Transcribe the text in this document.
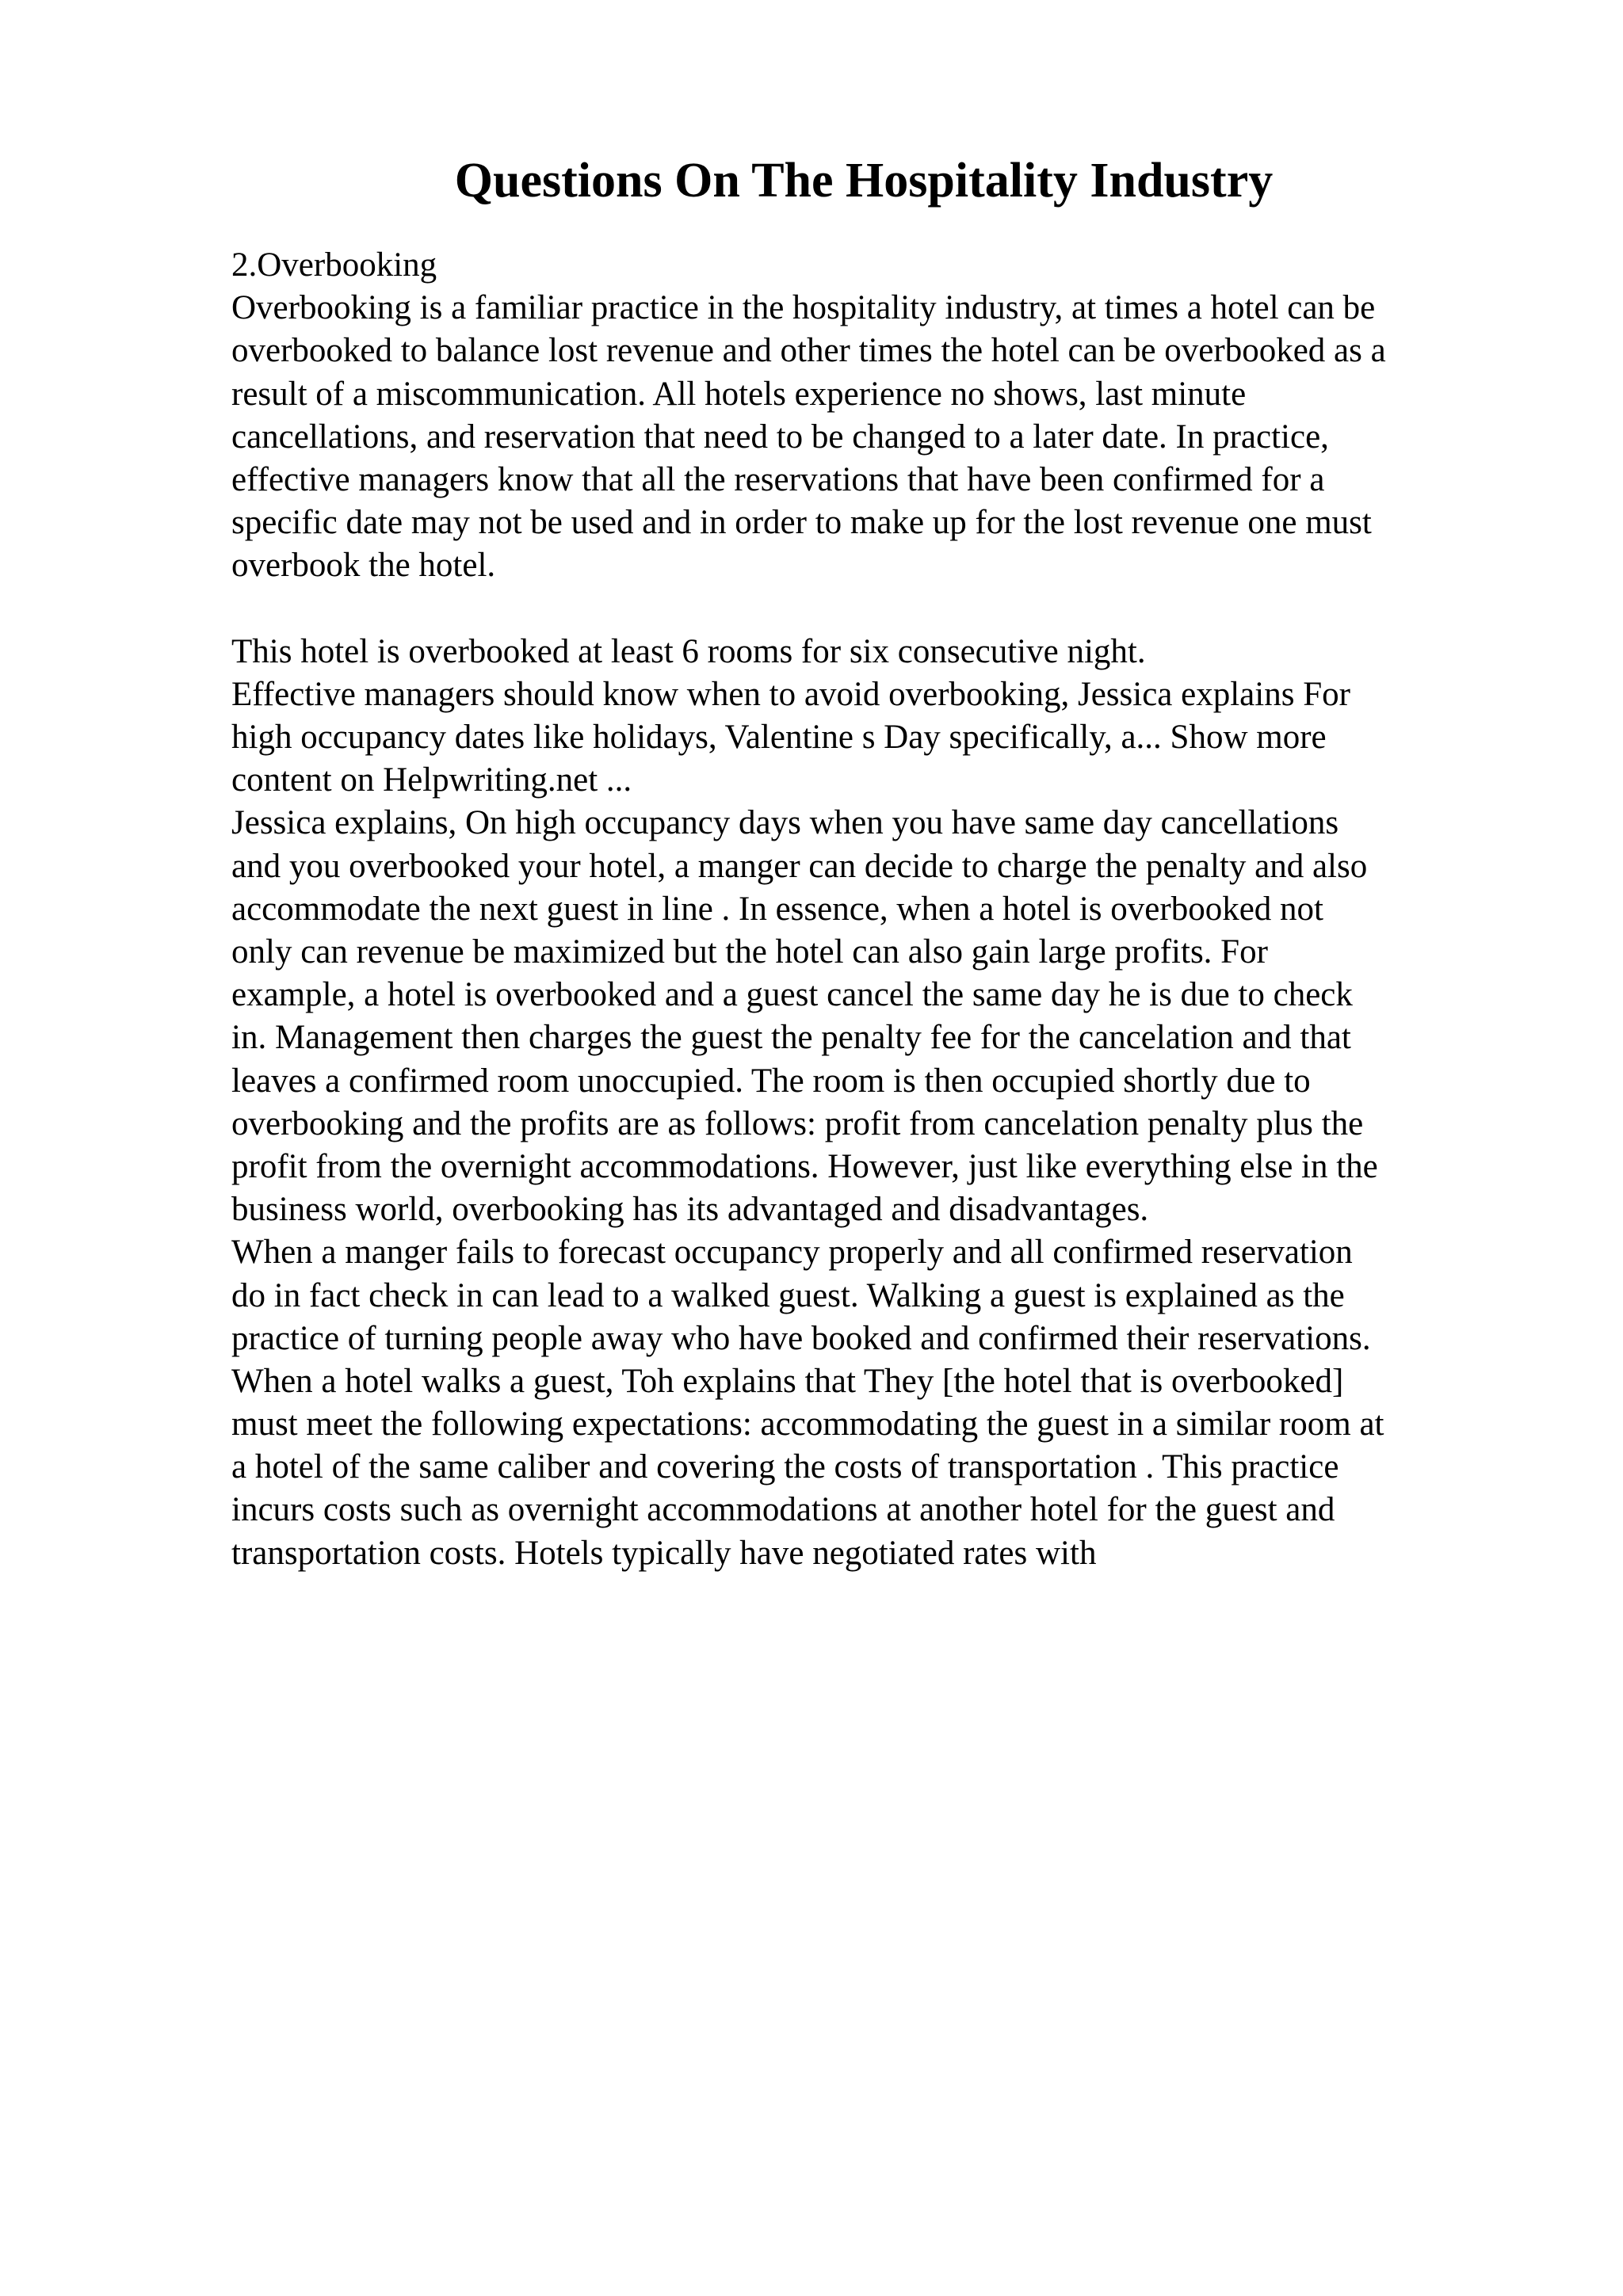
Questions On The Hospitality Industry
2.Overbooking
Overbooking is a familiar practice in the hospitality industry, at times a hotel can be
overbooked to balance lost revenue and other times the hotel can be overbooked as a
result of a miscommunication. All hotels experience no shows, last minute
cancellations, and reservation that need to be changed to a later date. In practice,
effective managers know that all the reservations that have been confirmed for a
specific date may not be used and in order to make up for the lost revenue one must
overbook the hotel.
This hotel is overbooked at least 6 rooms for six consecutive night.
Effective managers should know when to avoid overbooking, Jessica explains For
high occupancy dates like holidays, Valentine s Day specifically, a... Show more
content on Helpwriting.net ...
Jessica explains, On high occupancy days when you have same day cancellations
and you overbooked your hotel, a manger can decide to charge the penalty and also
accommodate the next guest in line . In essence, when a hotel is overbooked not
only can revenue be maximized but the hotel can also gain large profits. For
example, a hotel is overbooked and a guest cancel the same day he is due to check
in. Management then charges the guest the penalty fee for the cancelation and that
leaves a confirmed room unoccupied. The room is then occupied shortly due to
overbooking and the profits are as follows: profit from cancelation penalty plus the
profit from the overnight accommodations. However, just like everything else in the
business world, overbooking has its advantaged and disadvantages.
When a manger fails to forecast occupancy properly and all confirmed reservation
do in fact check in can lead to a walked guest. Walking a guest is explained as the
practice of turning people away who have booked and confirmed their reservations.
When a hotel walks a guest, Toh explains that They [the hotel that is overbooked]
must meet the following expectations: accommodating the guest in a similar room at
a hotel of the same caliber and covering the costs of transportation . This practice
incurs costs such as overnight accommodations at another hotel for the guest and
transportation costs. Hotels typically have negotiated rates with
